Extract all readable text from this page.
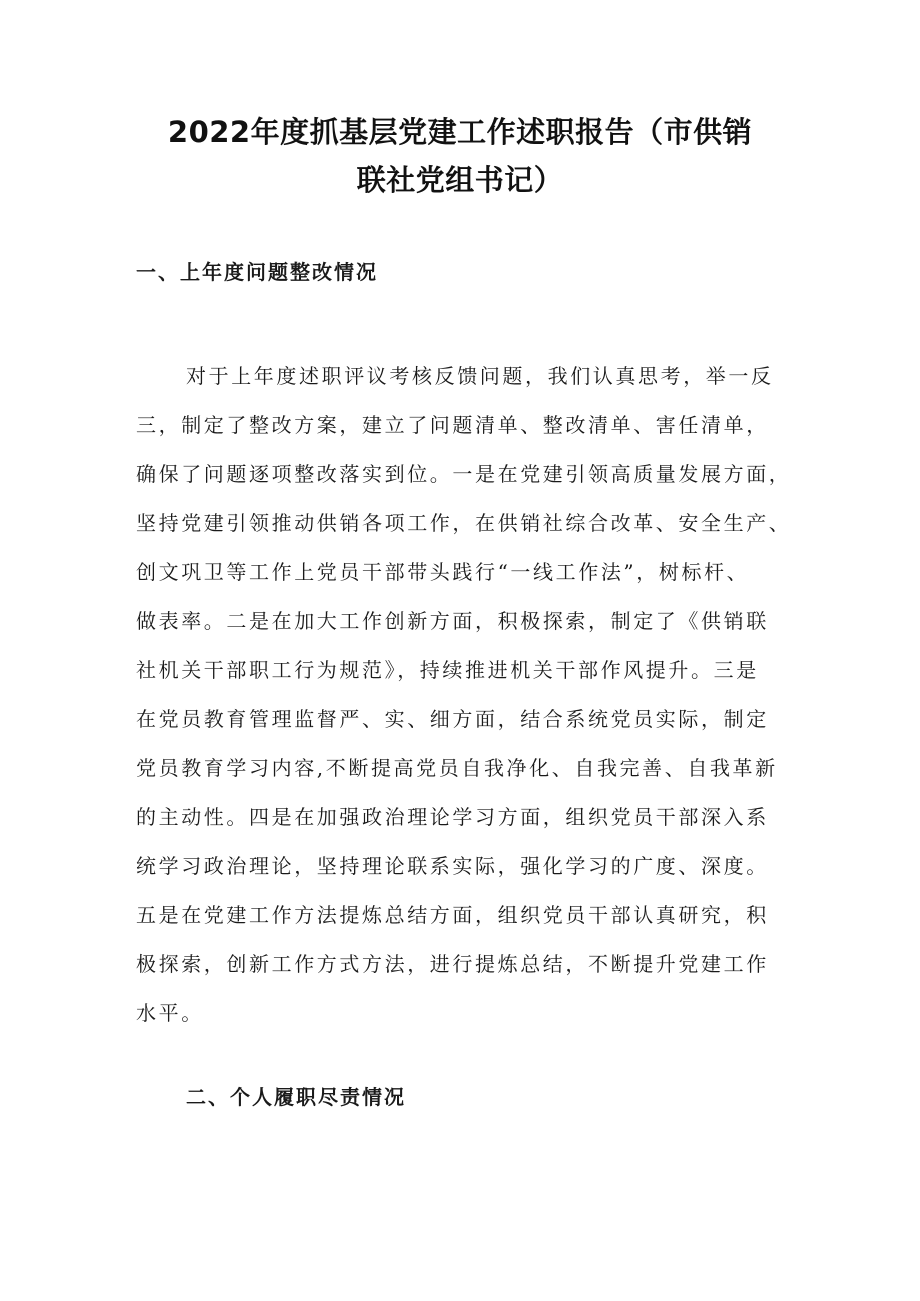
2022年度抓基层党建工作述职报告（市供销
联社党组书记）
一、上年度问题整改情况
对于上年度述职评议考核反馈问题，我们认真思考，举一反
三，制定了整改方案，建立了问题清单、整改清单、害任清单，
确保了问题逐项整改落实到位。一是在党建引领高质量发展方面，
坚持党建引领推动供销各项工作，在供销社综合改革、安全生产、
创文巩卫等工作上党员干部带头践行“一线工作法”，树标杆、
做表率。二是在加大工作创新方面，积极探索，制定了《供销联
社机关干部职工行为规范》，持续推进机关干部作风提升。三是
在党员教育管理监督严、实、细方面，结合系统党员实际，制定
党员教育学习内容,不断提高党员自我净化、自我完善、自我革新
的主动性。四是在加强政治理论学习方面，组织党员干部深入系
统学习政治理论，坚持理论联系实际，强化学习的广度、深度。
五是在党建工作方法提炼总结方面，组织党员干部认真研究，积
极探索，创新工作方式方法，进行提炼总结，不断提升党建工作
水平。
二、个人履职尽责情况
